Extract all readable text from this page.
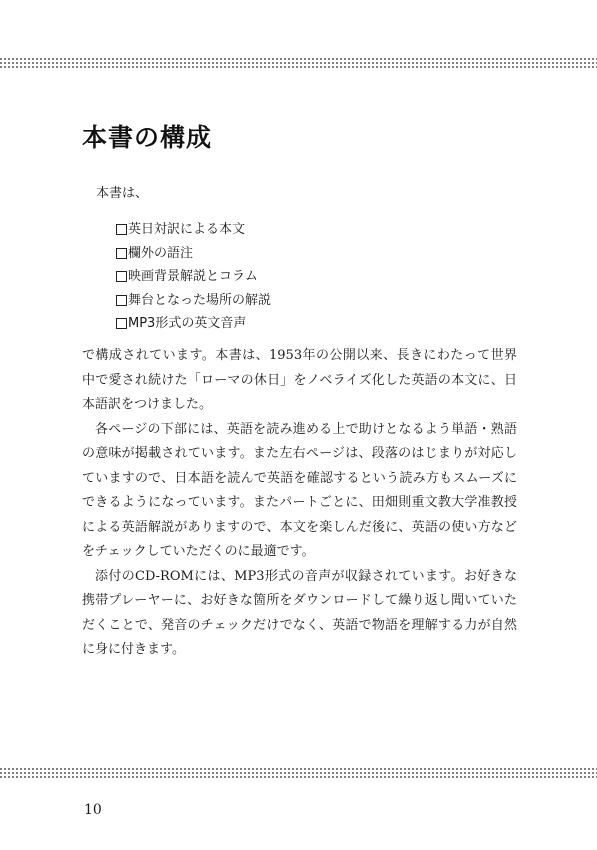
本書の構成

本書は、

英日対訳による本文
欄外の語注
映画背景解説とコラム
舞台となった場所の解説
MP3形式の英文音声

で構成されています。本書は、1953年の公開以来、長きにわたって世界中で愛され続けた「ローマの休日」をノベライズ化した英語の本文に、日本語訳をつけました。

各ページの下部には、英語を読み進める上で助けとなるよう単語・熟語の意味が掲載されています。また左右ページは、段落のはじまりが対応していますので、日本語を読んで英語を確認するという読み方もスムーズにできるようになっています。またパートごとに、田畑則重文教大学准教授による英語解説がありますので、本文を楽しんだ後に、英語の使い方などをチェックしていただくのに最適です。

添付のCD-ROMには、MP3形式の音声が収録されています。お好きな携帯プレーヤーに、お好きな箇所をダウンロードして繰り返し聞いていただくことで、発音のチェックだけでなく、英語で物語を理解する力が自然に身に付きます。

10
